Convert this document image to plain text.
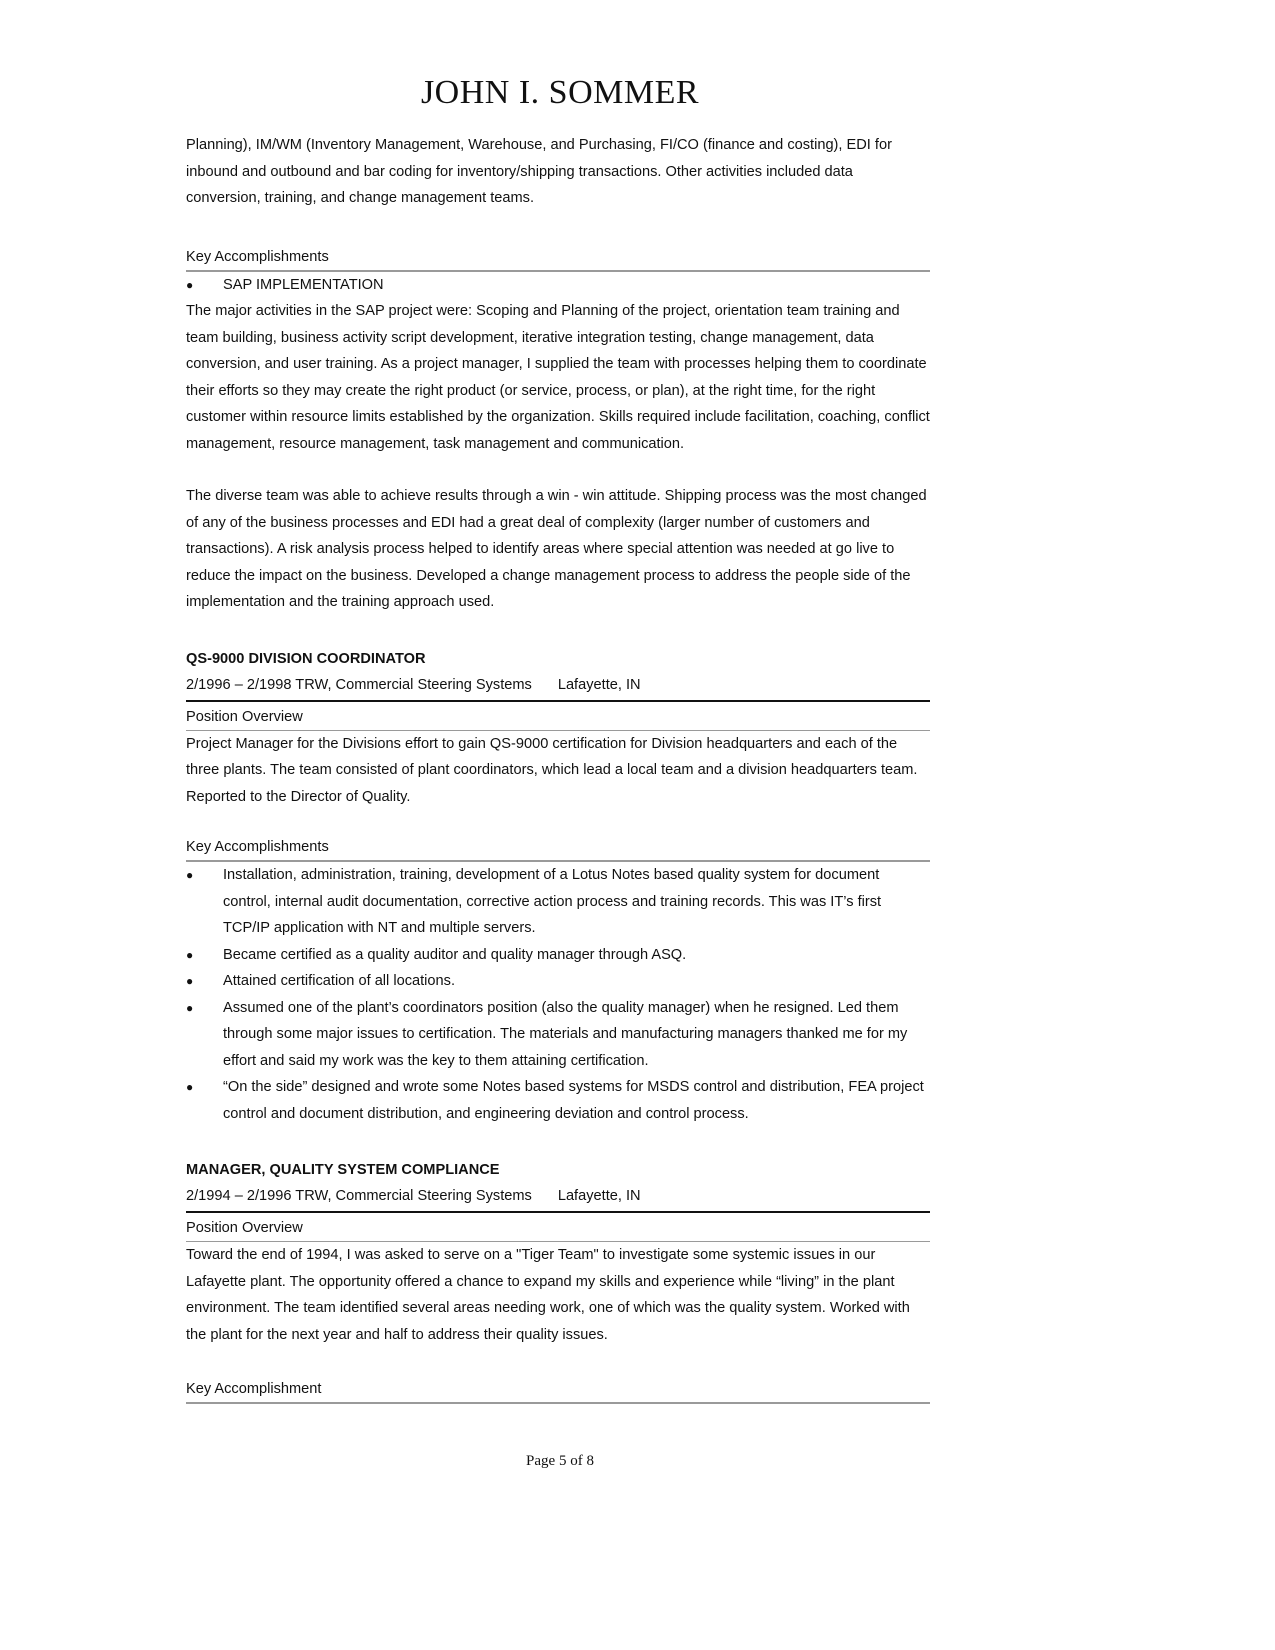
JOHN I. SOMMER

Planning), IM/WM (Inventory Management, Warehouse, and Purchasing, FI/CO (finance and costing), EDI for inbound and outbound and bar coding for inventory/shipping transactions. Other activities included data conversion, training, and change management teams.

Key Accomplishments
●	SAP IMPLEMENTATION

The major activities in the SAP project were: Scoping and Planning of the project, orientation team training and team building, business activity script development, iterative integration testing, change management, data conversion, and user training. As a project manager, I supplied the team with processes helping them to coordinate their efforts so they may create the right product (or service, process, or plan), at the right time, for the right customer within resource limits established by the organization. Skills required include facilitation, coaching, conflict management, resource management, task management and communication.

The diverse team was able to achieve results through a win - win attitude. Shipping process was the most changed of any of the business processes and EDI had a great deal of complexity (larger number of customers and transactions). A risk analysis process helped to identify areas where special attention was needed at go live to reduce the impact on the business. Developed a change management process to address the people side of the implementation and the training approach used.

QS-9000 DIVISION COORDINATOR
2/1996 – 2/1998 TRW, Commercial Steering Systems Lafayette, IN
Position Overview

Project Manager for the Divisions effort to gain QS-9000 certification for Division headquarters and each of the three plants. The team consisted of plant coordinators, which lead a local team and a division headquarters team. Reported to the Director of Quality.

Key Accomplishments
●	Installation, administration, training, development of a Lotus Notes based quality system for document control, internal audit documentation, corrective action process and training records. This was IT’s first TCP/IP application with NT and multiple servers.
●	Became certified as a quality auditor and quality manager through ASQ.
●	Attained certification of all locations.
●	Assumed one of the plant’s coordinators position (also the quality manager) when he resigned. Led them through some major issues to certification. The materials and manufacturing managers thanked me for my effort and said my work was the key to them attaining certification.
●	“On the side” designed and wrote some Notes based systems for MSDS control and distribution, FEA project control and document distribution, and engineering deviation and control process.
MANAGER, QUALITY SYSTEM COMPLIANCE
2/1994 – 2/1996 TRW, Commercial Steering Systems Lafayette, IN
Position Overview

Toward the end of 1994, I was asked to serve on a "Tiger Team" to investigate some systemic issues in our Lafayette plant. The opportunity offered a chance to expand my skills and experience while “living” in the plant environment. The team identified several areas needing work, one of which was the quality system. Worked with the plant for the next year and half to address their quality issues.

Key Accomplishment
Page 5 of 8
